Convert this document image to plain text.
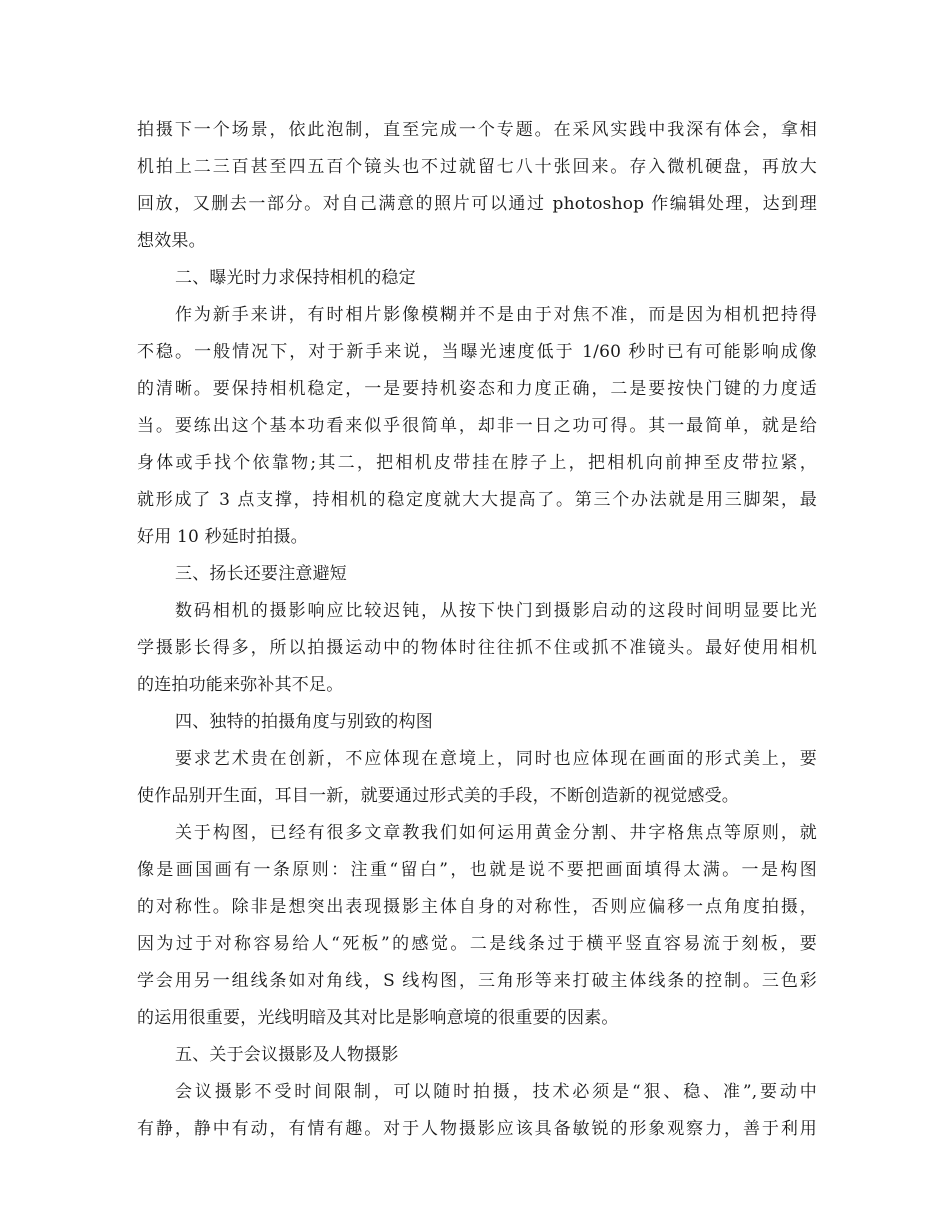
拍摄下一个场景，依此泡制，直至完成一个专题。在采风实践中我深有体会，拿相
机拍上二三百甚至四五百个镜头也不过就留七八十张回来。存入微机硬盘，再放大
回放，又删去一部分。对自己满意的照片可以通过 photoshop 作编辑处理，达到理
想效果。
二、曝光时力求保持相机的稳定
作为新手来讲，有时相片影像模糊并不是由于对焦不准，而是因为相机把持得
不稳。一般情况下，对于新手来说，当曝光速度低于 1/60 秒时已有可能影响成像
的清晰。要保持相机稳定，一是要持机姿态和力度正确，二是要按快门键的力度适
当。要练出这个基本功看来似乎很简单，却非一日之功可得。其一最简单，就是给
身体或手找个依靠物;其二，把相机皮带挂在脖子上，把相机向前抻至皮带拉紧，
就形成了 3 点支撑，持相机的稳定度就大大提高了。第三个办法就是用三脚架，最
好用 10 秒延时拍摄。
三、扬长还要注意避短
数码相机的摄影响应比较迟钝，从按下快门到摄影启动的这段时间明显要比光
学摄影长得多，所以拍摄运动中的物体时往往抓不住或抓不准镜头。最好使用相机
的连拍功能来弥补其不足。
四、独特的拍摄角度与别致的构图
要求艺术贵在创新，不应体现在意境上，同时也应体现在画面的形式美上，要
使作品别开生面，耳目一新，就要通过形式美的手段，不断创造新的视觉感受。
关于构图，已经有很多文章教我们如何运用黄金分割、井字格焦点等原则，就
像是画国画有一条原则：注重“留白”，也就是说不要把画面填得太满。一是构图
的对称性。除非是想突出表现摄影主体自身的对称性，否则应偏移一点角度拍摄，
因为过于对称容易给人“死板”的感觉。二是线条过于横平竖直容易流于刻板，要
学会用另一组线条如对角线，S 线构图，三角形等来打破主体线条的控制。三色彩
的运用很重要，光线明暗及其对比是影响意境的很重要的因素。
五、关于会议摄影及人物摄影
会议摄影不受时间限制，可以随时拍摄，技术必须是“狠、稳、准”,要动中
有静，静中有动，有情有趣。对于人物摄影应该具备敏锐的形象观察力，善于利用
